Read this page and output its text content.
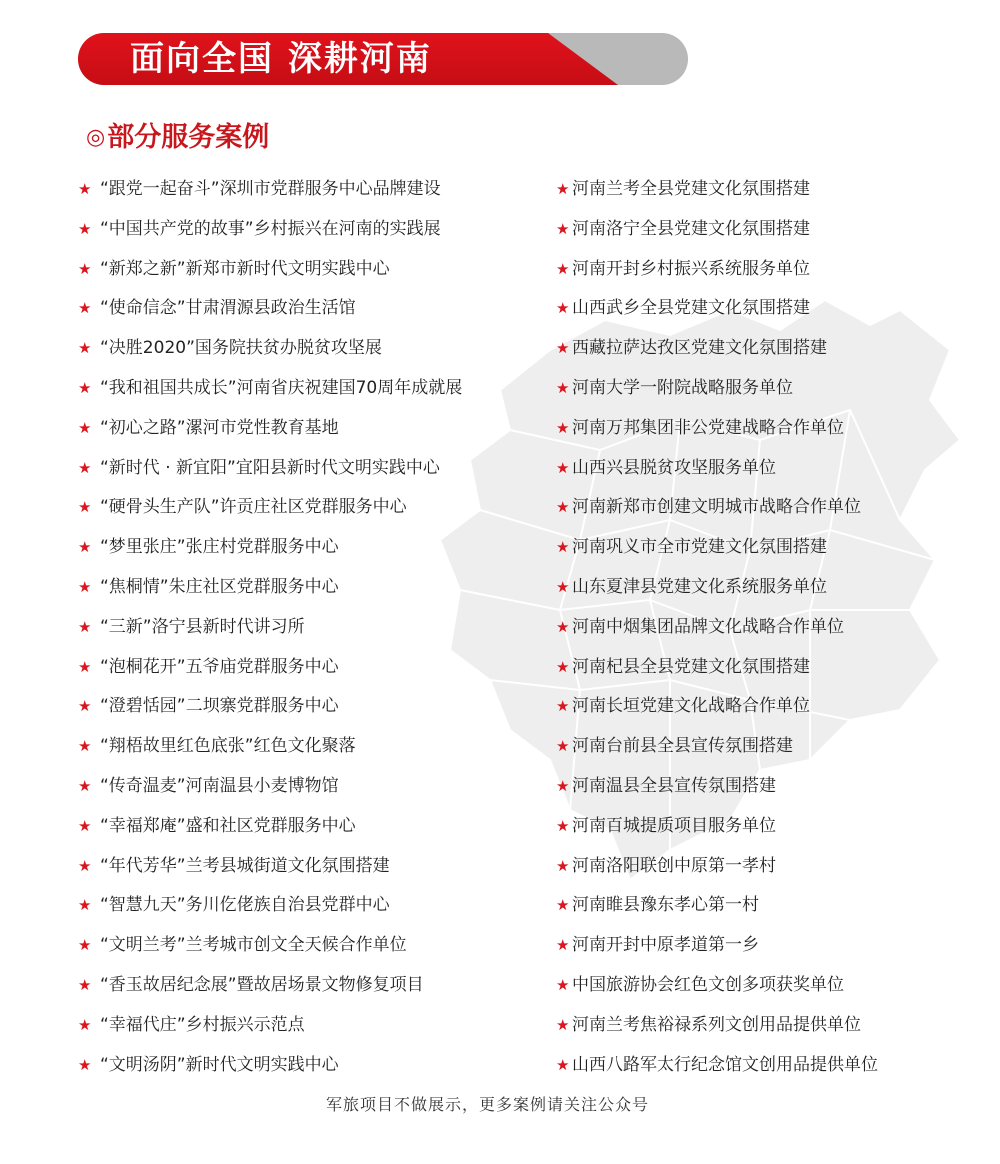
面向全国 深耕河南
◎部分服务案例
★ “跟党一起奋斗”深圳市党群服务中心品牌建设
★ “中国共产党的故事”乡村振兴在河南的实践展
★ “新郑之新”新郑市新时代文明实践中心
★ “使命信念”甘肃渭源县政治生活馆
★ “决胜2020”国务院扶贫办脱贫攻坚展
★ “我和祖国共成长”河南省庆祝建国70周年成就展
★ “初心之路”漯河市党性教育基地
★ “新时代 · 新宜阳”宜阳县新时代文明实践中心
★ “硬骨头生产队”许贡庄社区党群服务中心
★ “梦里张庄”张庄村党群服务中心
★ “焦桐情”朱庄社区党群服务中心
★ “三新”洛宁县新时代讲习所
★ “泡桐花开”五爷庙党群服务中心
★ “澄碧恬园”二坝寨党群服务中心
★ “翔梧故里红色底张”红色文化聚落
★ “传奇温麦”河南温县小麦博物馆
★ “幸福郑庵”盛和社区党群服务中心
★ “年代芳华”兰考县城街道文化氛围搭建
★ “智慧九天”务川仡佬族自治县党群中心
★ “文明兰考”兰考城市创文全天候合作单位
★ “香玉故居纪念展”暨故居场景文物修复项目
★ “幸福代庄”乡村振兴示范点
★ “文明汤阴”新时代文明实践中心
★ 河南兰考全县党建文化氛围搭建
★ 河南洛宁全县党建文化氛围搭建
★ 河南开封乡村振兴系统服务单位
★ 山西武乡全县党建文化氛围搭建
★ 西藏拉萨达孜区党建文化氛围搭建
★ 河南大学一附院战略服务单位
★ 河南万邦集团非公党建战略合作单位
★ 山西兴县脱贫攻坚服务单位
★ 河南新郑市创建文明城市战略合作单位
★ 河南巩义市全市党建文化氛围搭建
★ 山东夏津县党建文化系统服务单位
★ 河南中烟集团品牌文化战略合作单位
★ 河南杞县全县党建文化氛围搭建
★ 河南长垣党建文化战略合作单位
★ 河南台前县全县宣传氛围搭建
★ 河南温县全县宣传氛围搭建
★ 河南百城提质项目服务单位
★ 河南洛阳联创中原第一孝村
★ 河南睢县豫东孝心第一村
★ 河南开封中原孝道第一乡
★ 中国旅游协会红色文创多项获奖单位
★ 河南兰考焦裕禄系列文创用品提供单位
★ 山西八路军太行纪念馆文创用品提供单位
军旅项目不做展示，更多案例请关注公众号
